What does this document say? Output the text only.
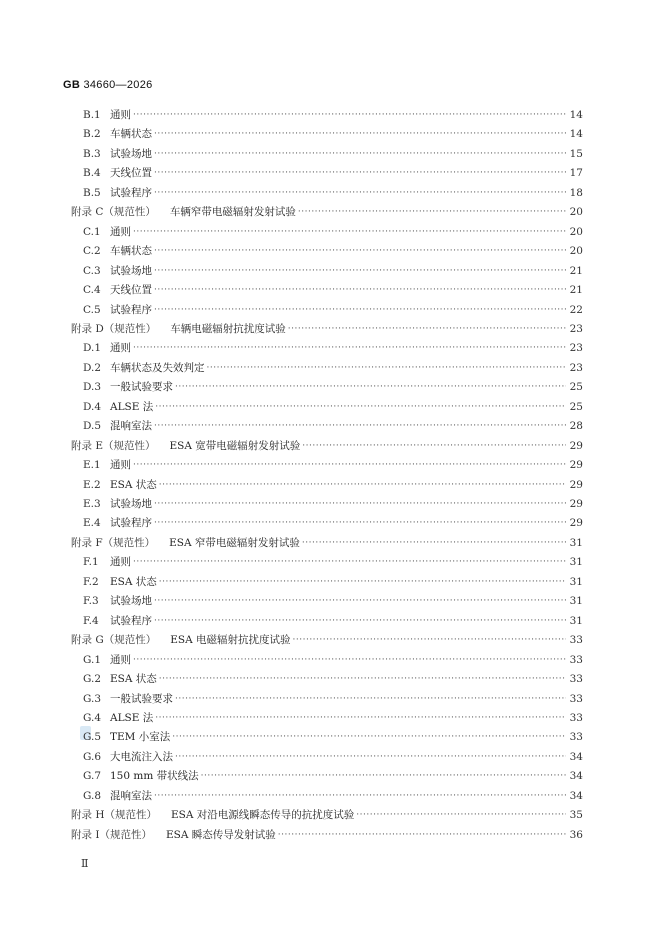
GB 34660—2026
B.1 通则 ·····	14
B.2 车辆状态 ·····	14
B.3 试验场地 ·····	15
B.4 天线位置 ·····	17
B.5 试验程序 ·····	18
附录 C（规范性） 车辆窄带电磁辐射发射试验 ·····	20
C.1 通则 ·····	20
C.2 车辆状态 ·····	20
C.3 试验场地 ·····	21
C.4 天线位置 ·····	21
C.5 试验程序 ·····	22
附录 D（规范性） 车辆电磁辐射抗扰度试验 ·····	23
D.1 通则 ·····	23
D.2 车辆状态及失效判定 ·····	23
D.3 一般试验要求 ·····	25
D.4 ALSE 法 ·····	25
D.5 混响室法 ·····	28
附录 E（规范性） ESA 宽带电磁辐射发射试验 ·····	29
E.1 通则 ·····	29
E.2 ESA 状态 ·····	29
E.3 试验场地 ·····	29
E.4 试验程序 ·····	29
附录 F（规范性） ESA 窄带电磁辐射发射试验 ·····	31
F.1	通则 ·····	31
F.2	ESA 状态 ·····	31
F.3	试验场地 ·····	31
F.4	试验程序 ·····	31
附录 G（规范性） ESA 电磁辐射抗扰度试验 ·····	33
G.1 通则 ·····	33
G.2 ESA 状态 ·····	33
G.3 一般试验要求 ·····	33
G.4 ALSE 法 ·····	33
G.5 TEM 小室法 ·····	33
G.6 大电流注入法 ·····	34
G.7 150 mm 带状线法 ·····	34
G.8 混响室法 ·····	34
附录 H（规范性） ESA 对沿电源线瞬态传导的抗扰度试验 ·····	35
附录 I（规范性） ESA 瞬态传导发射试验 ·····	36
Ⅱ
